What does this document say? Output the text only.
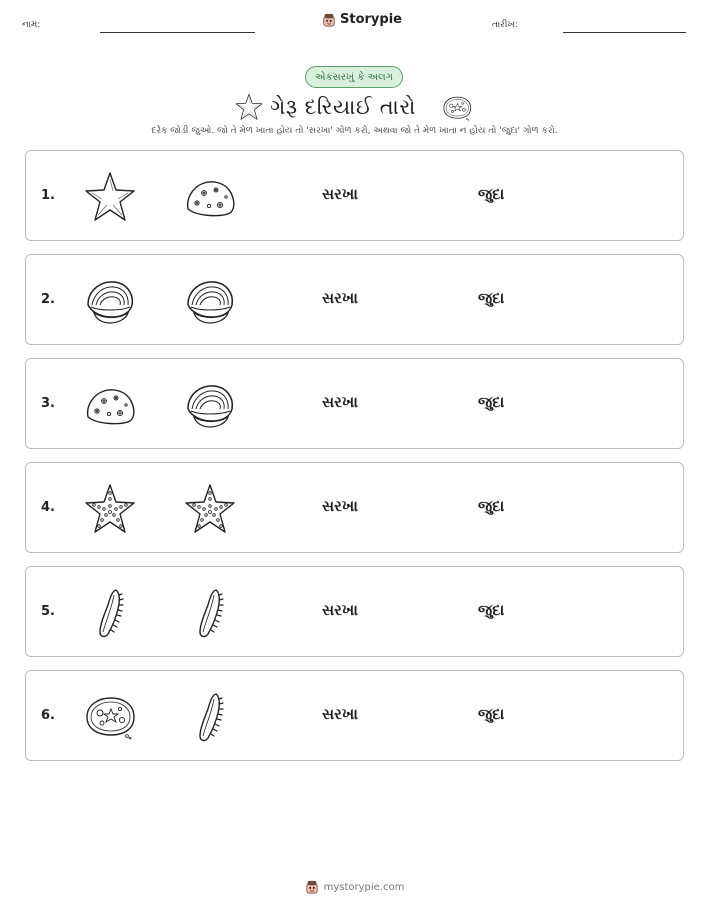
નામ:	Storypie	તારીખ:
એકસરખું કે અલગ
ગેરૂ દરિયાઈ તારો
દરેક જોડી જુઓ. જો તે મેળ ખાતા હોય તો 'સરખા' ગોળ કરો, અથવા જો તે મેળ ખાતા ન હોય તો 'જુદા' ગોળ કરો.
1.	સરખા	જુદા
2.	સરખા	જુદા
3.	સરખા	જુદા
4.	સરખા	જુદા
5.	સરખા	જુદા
6.	સરખા	જુદા
mystorypie.com
